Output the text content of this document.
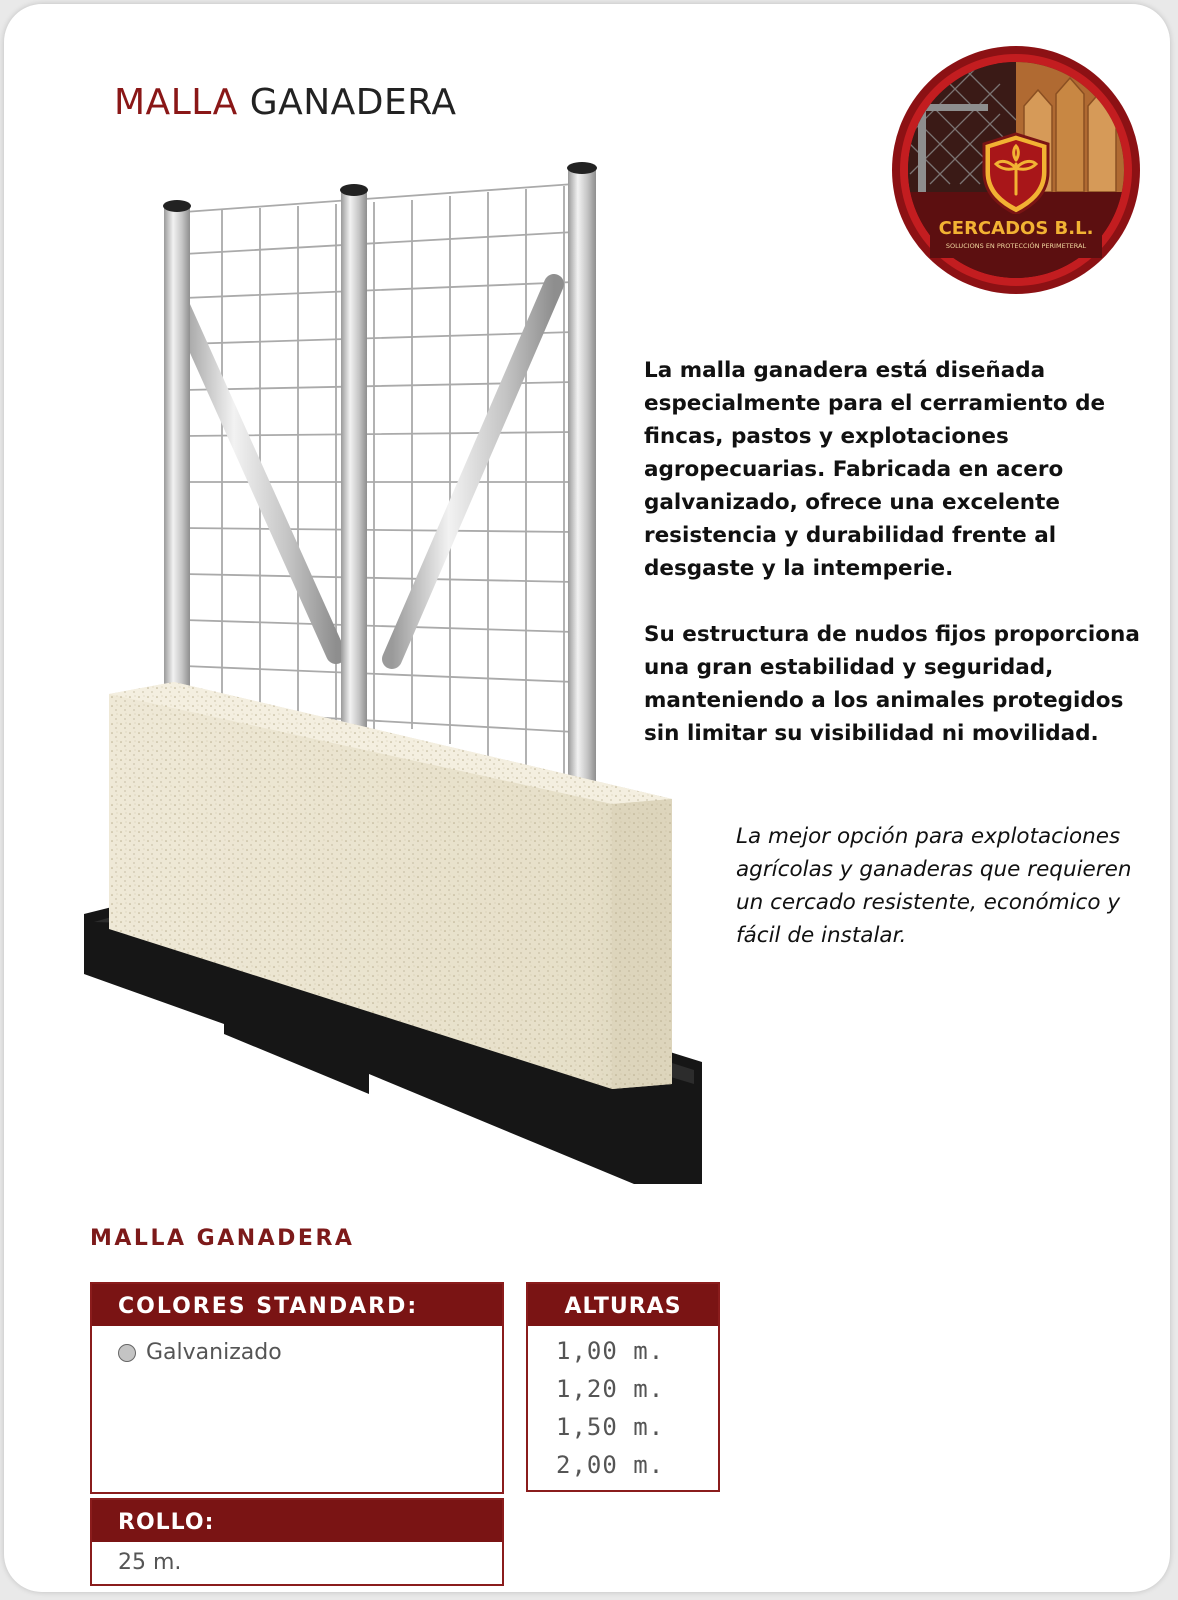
MALLA GANADERA
CERCADOS B.L.
SOLUCIONS EN PROTECCIÓN PERIMETERAL

La malla ganadera está diseñada especialmente para el cerramiento de fincas, pastos y explotaciones agropecuarias. Fabricada en acero galvanizado, ofrece una excelente resistencia y durabilidad frente al desgaste y la intemperie.

Su estructura de nudos fijos proporciona una gran estabilidad y seguridad, manteniendo a los animales protegidos sin limitar su visibilidad ni movilidad.

La mejor opción para explotaciones agrícolas y ganaderas que requieren un cercado resistente, económico y fácil de instalar.
MALLA GANADERA
COLORES STANDARD:
Galvanizado
ALTURAS
1,00 m.
1,20 m.
1,50 m.
2,00 m.
ROLLO:
25 m.
